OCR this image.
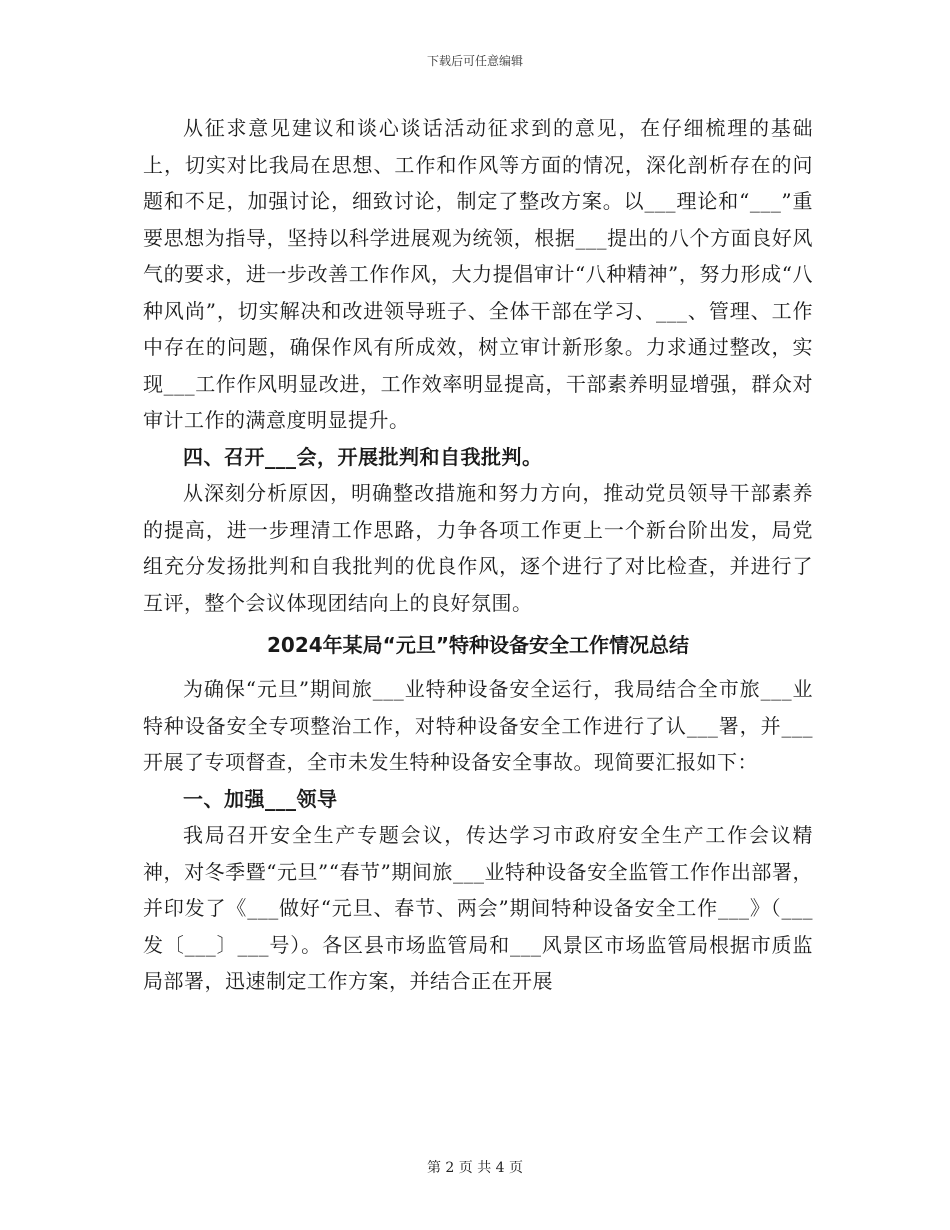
下载后可任意编辑

从征求意见建议和谈心谈话活动征求到的意见，在仔细梳理的基础上，切实对比我局在思想、工作和作风等方面的情况，深化剖析存在的问题和不足，加强讨论，细致讨论，制定了整改方案。以___理论和“___”重要思想为指导，坚持以科学进展观为统领，根据___提出的八个方面良好风气的要求，进一步改善工作作风，大力提倡审计“八种精神”，努力形成“八种风尚”，切实解决和改进领导班子、全体干部在学习、___、管理、工作中存在的问题，确保作风有所成效，树立审计新形象。力求通过整改，实现___工作作风明显改进，工作效率明显提高，干部素养明显增强，群众对审计工作的满意度明显提升。

四、召开___会，开展批判和自我批判。

从深刻分析原因，明确整改措施和努力方向，推动党员领导干部素养的提高，进一步理清工作思路，力争各项工作更上一个新台阶出发，局党组充分发扬批判和自我批判的优良作风，逐个进行了对比检查，并进行了互评，整个会议体现团结向上的良好氛围。

2024年某局“元旦”特种设备安全工作情况总结

为确保“元旦”期间旅___业特种设备安全运行，我局结合全市旅___业特种设备安全专项整治工作，对特种设备安全工作进行了认___署，并___开展了专项督查，全市未发生特种设备安全事故。现简要汇报如下：

一、加强___领导

我局召开安全生产专题会议，传达学习市政府安全生产工作会议精神，对冬季暨“元旦”“春节”期间旅___业特种设备安全监管工作作出部署，并印发了《___做好“元旦、春节、两会”期间特种设备安全工作___》（___发〔___〕___号）。各区县市场监管局和___风景区市场监管局根据市质监局部署，迅速制定工作方案，并结合正在开展

第 2 页 共 4 页
